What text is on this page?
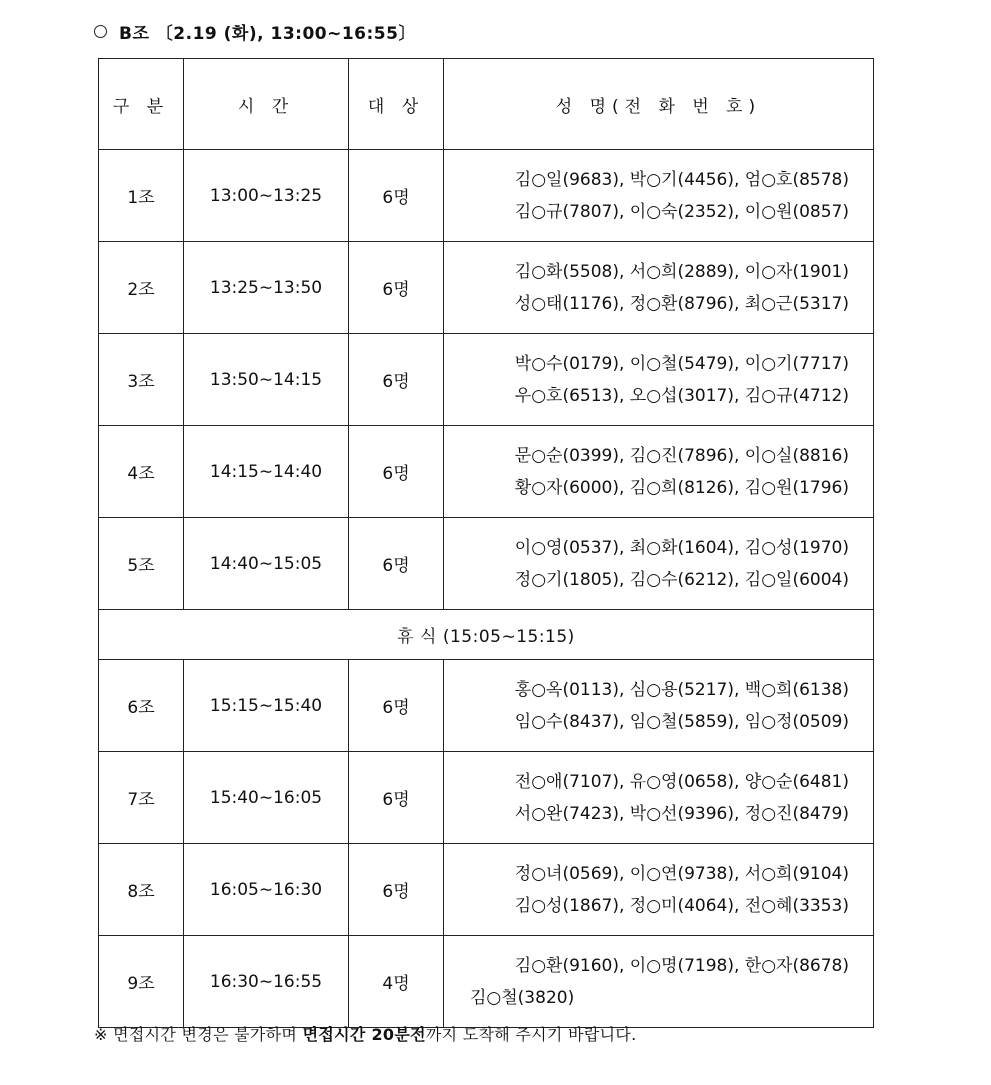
B조 〔2.19 (화), 13:00∼16:55〕
구 분	시 간	대 상	성 명(전 화 번 호)
1조	13:00∼13:25	6명	김○일(9683), 박○기(4456), 엄○호(8578)
김○규(7807), 이○숙(2352), 이○원(0857)

2조	13:25∼13:50	6명	김○화(5508), 서○희(2889), 이○자(1901)
성○태(1176), 정○환(8796), 최○근(5317)

3조	13:50∼14:15	6명	박○수(0179), 이○철(5479), 이○기(7717)
우○호(6513), 오○섭(3017), 김○규(4712)

4조	14:15∼14:40	6명	문○순(0399), 김○진(7896), 이○실(8816)
황○자(6000), 김○희(8126), 김○원(1796)

5조	14:40∼15:05	6명	이○영(0537), 최○화(1604), 김○성(1970)
정○기(1805), 김○수(6212), 김○일(6004)

휴 식 (15:05∼15:15)			
6조	15:15∼15:40	6명	홍○옥(0113), 심○용(5217), 백○희(6138)
임○수(8437), 임○철(5859), 임○정(0509)

7조	15:40∼16:05	6명	전○애(7107), 유○영(0658), 양○순(6481)
서○완(7423), 박○선(9396), 정○진(8479)

8조	16:05∼16:30	6명	정○녀(0569), 이○연(9738), 서○희(9104)
김○성(1867), 정○미(4064), 전○혜(3353)

9조	16:30∼16:55	4명	김○환(9160), 이○명(7198), 한○자(8678)
김○철(3820)
※ 면접시간 변경은 불가하며 면접시간 20분전까지 도착해 주시기 바랍니다.
